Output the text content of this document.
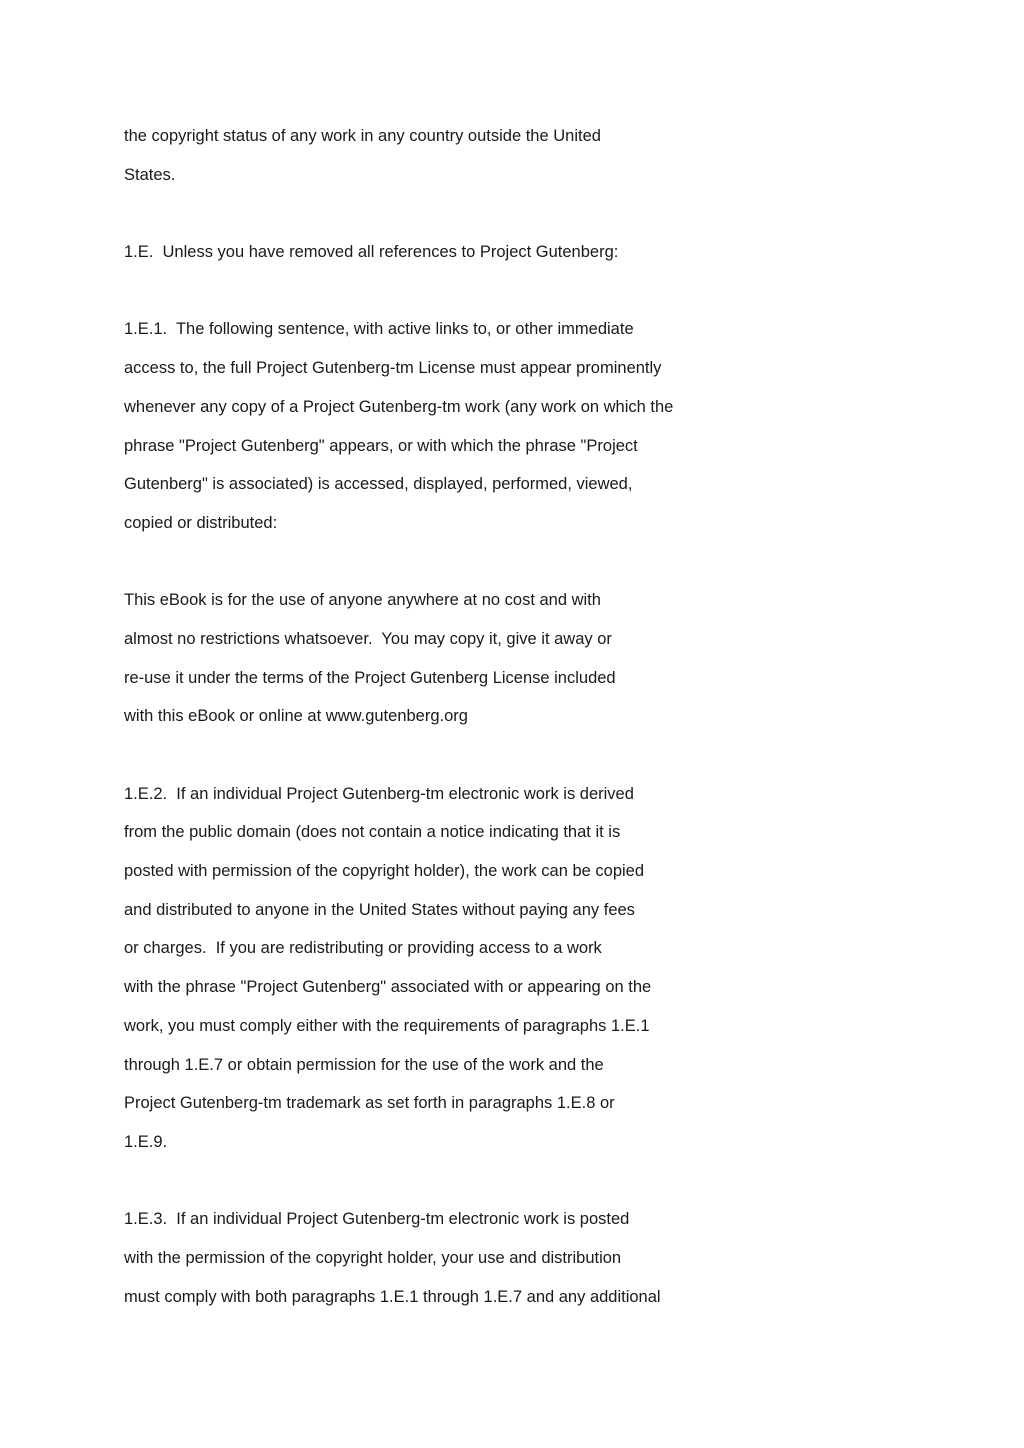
the copyright status of any work in any country outside the United
States.
1.E.  Unless you have removed all references to Project Gutenberg:
1.E.1.  The following sentence, with active links to, or other immediate
access to, the full Project Gutenberg-tm License must appear prominently
whenever any copy of a Project Gutenberg-tm work (any work on which the
phrase "Project Gutenberg" appears, or with which the phrase "Project
Gutenberg" is associated) is accessed, displayed, performed, viewed,
copied or distributed:
This eBook is for the use of anyone anywhere at no cost and with
almost no restrictions whatsoever.  You may copy it, give it away or
re-use it under the terms of the Project Gutenberg License included
with this eBook or online at www.gutenberg.org
1.E.2.  If an individual Project Gutenberg-tm electronic work is derived
from the public domain (does not contain a notice indicating that it is
posted with permission of the copyright holder), the work can be copied
and distributed to anyone in the United States without paying any fees
or charges.  If you are redistributing or providing access to a work
with the phrase "Project Gutenberg" associated with or appearing on the
work, you must comply either with the requirements of paragraphs 1.E.1
through 1.E.7 or obtain permission for the use of the work and the
Project Gutenberg-tm trademark as set forth in paragraphs 1.E.8 or
1.E.9.
1.E.3.  If an individual Project Gutenberg-tm electronic work is posted
with the permission of the copyright holder, your use and distribution
must comply with both paragraphs 1.E.1 through 1.E.7 and any additional
